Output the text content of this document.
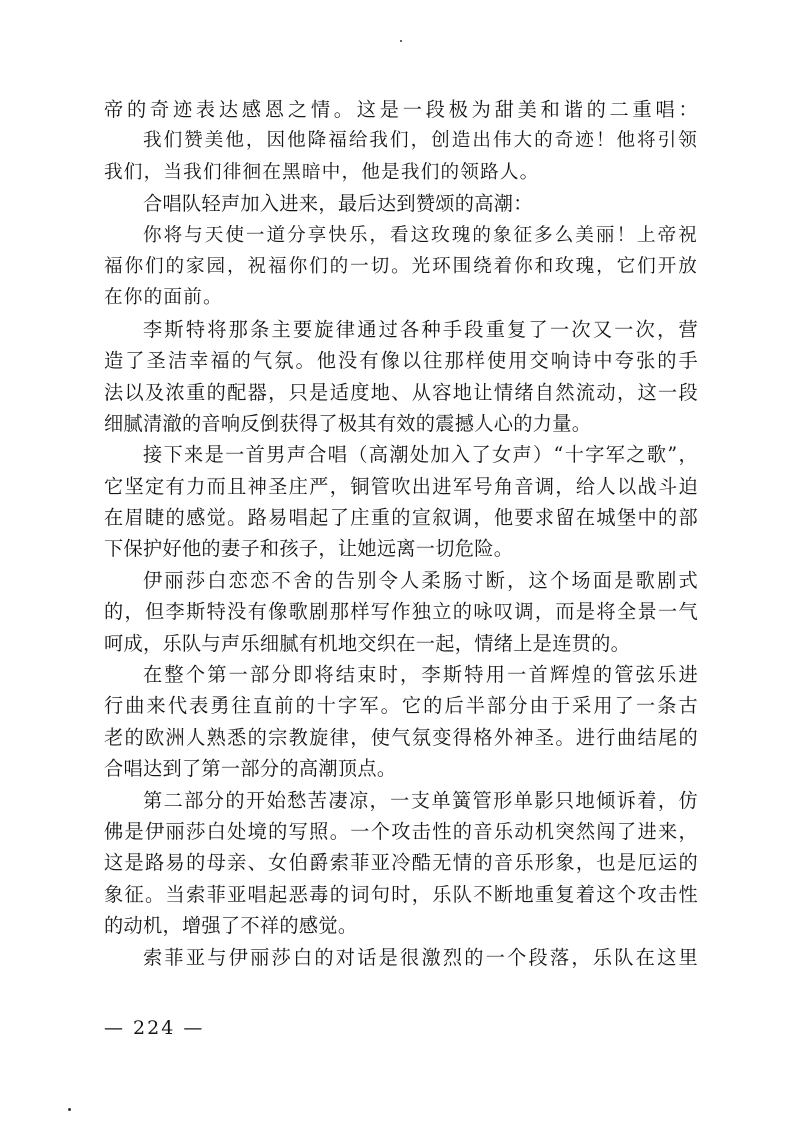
帝的奇迹表达感恩之情。这是一段极为甜美和谐的二重唱：
我们赞美他，因他降福给我们，创造出伟大的奇迹！他将引领
我们，当我们徘徊在黑暗中，他是我们的领路人。
合唱队轻声加入进来，最后达到赞颂的高潮：
你将与天使一道分享快乐，看这玫瑰的象征多么美丽！上帝祝
福你们的家园，祝福你们的一切。光环围绕着你和玫瑰，它们开放
在你的面前。
李斯特将那条主要旋律通过各种手段重复了一次又一次，营
造了圣洁幸福的气氛。他没有像以往那样使用交响诗中夸张的手
法以及浓重的配器，只是适度地、从容地让情绪自然流动，这一段
细腻清澈的音响反倒获得了极其有效的震撼人心的力量。
接下来是一首男声合唱（高潮处加入了女声）“十字军之歌”，
它坚定有力而且神圣庄严，铜管吹出进军号角音调，给人以战斗迫
在眉睫的感觉。路易唱起了庄重的宣叙调，他要求留在城堡中的部
下保护好他的妻子和孩子，让她远离一切危险。
伊丽莎白恋恋不舍的告别令人柔肠寸断，这个场面是歌剧式
的，但李斯特没有像歌剧那样写作独立的咏叹调，而是将全景一气
呵成，乐队与声乐细腻有机地交织在一起，情绪上是连贯的。
在整个第一部分即将结束时，李斯特用一首辉煌的管弦乐进
行曲来代表勇往直前的十字军。它的后半部分由于采用了一条古
老的欧洲人熟悉的宗教旋律，使气氛变得格外神圣。进行曲结尾的
合唱达到了第一部分的高潮顶点。
第二部分的开始愁苦凄凉，一支单簧管形单影只地倾诉着，仿
佛是伊丽莎白处境的写照。一个攻击性的音乐动机突然闯了进来，
这是路易的母亲、女伯爵索菲亚冷酷无情的音乐形象，也是厄运的
象征。当索菲亚唱起恶毒的词句时，乐队不断地重复着这个攻击性
的动机，增强了不祥的感觉。
索菲亚与伊丽莎白的对话是很激烈的一个段落，乐队在这里
— 224 —
